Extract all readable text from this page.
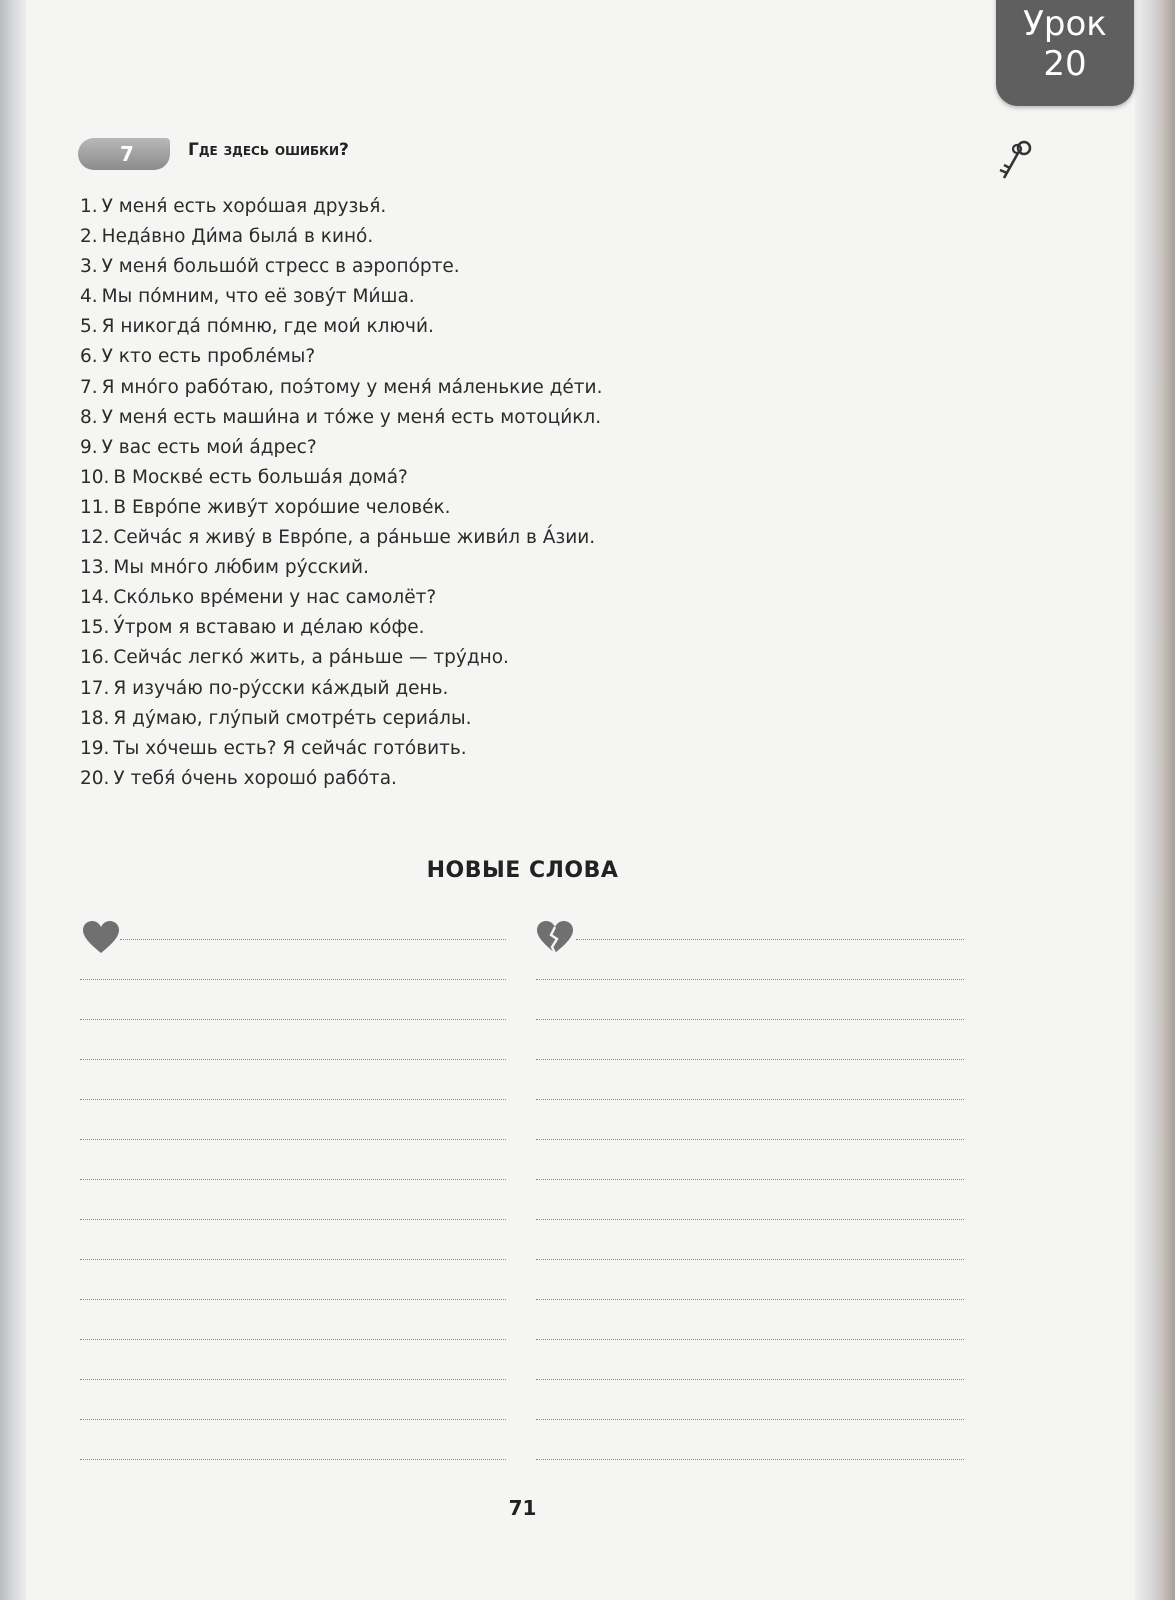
Урок
20
7	Где здесь ошибки?
1. У меня́ есть хоро́шая друзья́.
2. Неда́вно Ди́ма была́ в кино́.
3. У меня́ большо́й стресс в аэропо́рте.
4. Мы по́мним, что её зову́т Ми́ша.
5. Я никогда́ по́мню, где мои́ ключи́.
6. У кто есть пробле́мы?
7. Я мно́го рабо́таю, поэ́тому у меня́ ма́ленькие де́ти.
8. У меня́ есть маши́на и то́же у меня́ есть мотоци́кл.
9. У вас есть мои́ а́дрес?
10. В Москве́ есть больша́я дома́?
11. В Евро́пе живу́т хоро́шие челове́к.
12. Сейча́с я живу́ в Евро́пе, а ра́ньше живи́л в А́зии.
13. Мы мно́го лю́бим ру́сский.
14. Ско́лько вре́мени у нас самолёт?
15. У́тром я вставаю и де́лаю ко́фе.
16. Сейча́с легко́ жить, а ра́ньше — тру́дно.
17. Я изуча́ю по-ру́сски ка́ждый день.
18. Я ду́маю, глу́пый смотре́ть сериа́лы.
19. Ты хо́чешь есть? Я сейча́с гото́вить.
20. У тебя́ о́чень хорошо́ рабо́та.
НОВЫЕ СЛОВА
71
